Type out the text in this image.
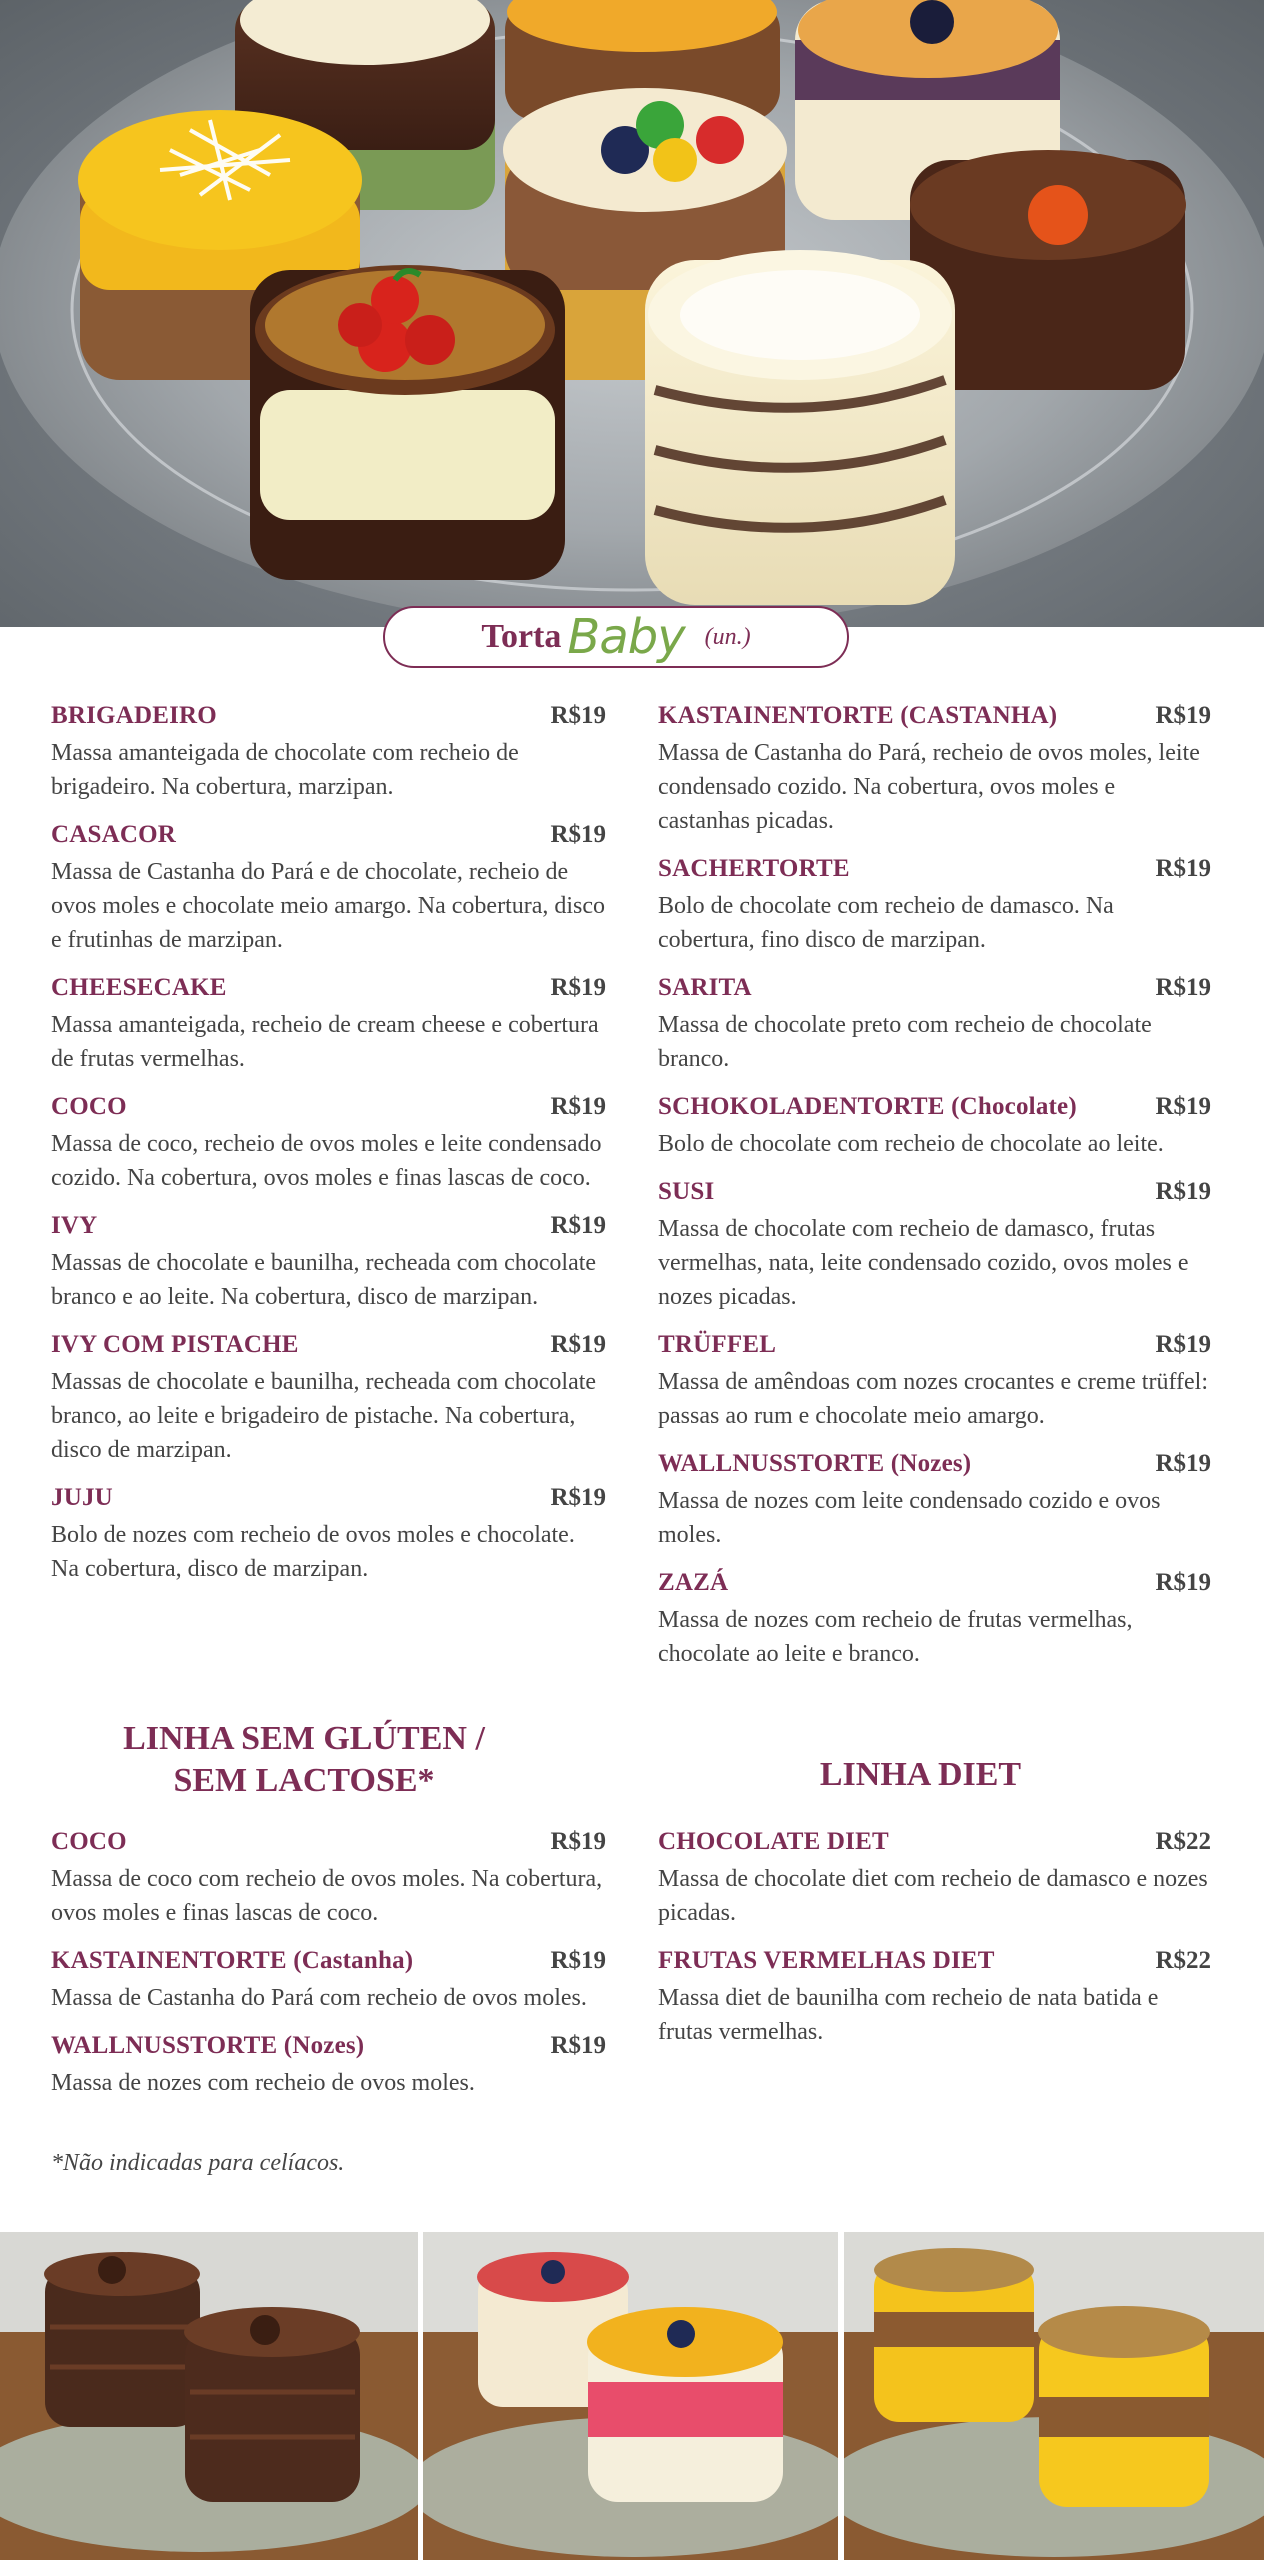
Torta Baby (un.)
BRIGADEIRO	R$19
Massa amanteigada de chocolate com recheio de brigadeiro. Na cobertura, marzipan.
CASACOR	R$19
Massa de Castanha do Pará e de chocolate, recheio de ovos moles e chocolate meio amargo. Na cobertura, disco e frutinhas de marzipan.
CHEESECAKE	R$19
Massa amanteigada, recheio de cream cheese e cobertura de frutas vermelhas.
COCO	R$19
Massa de coco, recheio de ovos moles e leite condensado cozido. Na cobertura, ovos moles e finas lascas de coco.
IVY	R$19
Massas de chocolate e baunilha, recheada com chocolate branco e ao leite. Na cobertura, disco de marzipan.
IVY COM PISTACHE	R$19
Massas de chocolate e baunilha, recheada com chocolate branco, ao leite e brigadeiro de pistache. Na cobertura, disco de marzipan.
JUJU	R$19
Bolo de nozes com recheio de ovos moles e chocolate. Na cobertura, disco de marzipan.
KASTAINENTORTE (CASTANHA)	R$19
Massa de Castanha do Pará, recheio de ovos moles, leite condensado cozido. Na cobertura, ovos moles e castanhas picadas.
SACHERTORTE	R$19
Bolo de chocolate com recheio de damasco. Na cobertura, fino disco de marzipan.
SARITA	R$19
Massa de chocolate preto com recheio de chocolate branco.
SCHOKOLADENTORTE (Chocolate)	R$19
Bolo de chocolate com recheio de chocolate ao leite.
SUSI	R$19
Massa de chocolate com recheio de damasco, frutas vermelhas, nata, leite condensado cozido, ovos moles e nozes picadas.
TRÜFFEL	R$19
Massa de amêndoas com nozes crocantes e creme trüffel: passas ao rum e chocolate meio amargo.
WALLNUSSTORTE (Nozes)	R$19
Massa de nozes com leite condensado cozido e ovos moles.
ZAZÁ	R$19
Massa de nozes com recheio de frutas vermelhas, chocolate ao leite e branco.
LINHA SEM GLÚTEN /
SEM LACTOSE*	LINHA DIET
COCO	R$19
Massa de coco com recheio de ovos moles. Na cobertura, ovos moles e finas lascas de coco.
KASTAINENTORTE (Castanha)	R$19
Massa de Castanha do Pará com recheio de ovos moles.
WALLNUSSTORTE (Nozes)	R$19
Massa de nozes com recheio de ovos moles.
CHOCOLATE DIET	R$22
Massa de chocolate diet com recheio de damasco e nozes picadas.
FRUTAS VERMELHAS DIET	R$22
Massa diet de baunilha com recheio de nata batida e frutas vermelhas.
*Não indicadas para celíacos.
